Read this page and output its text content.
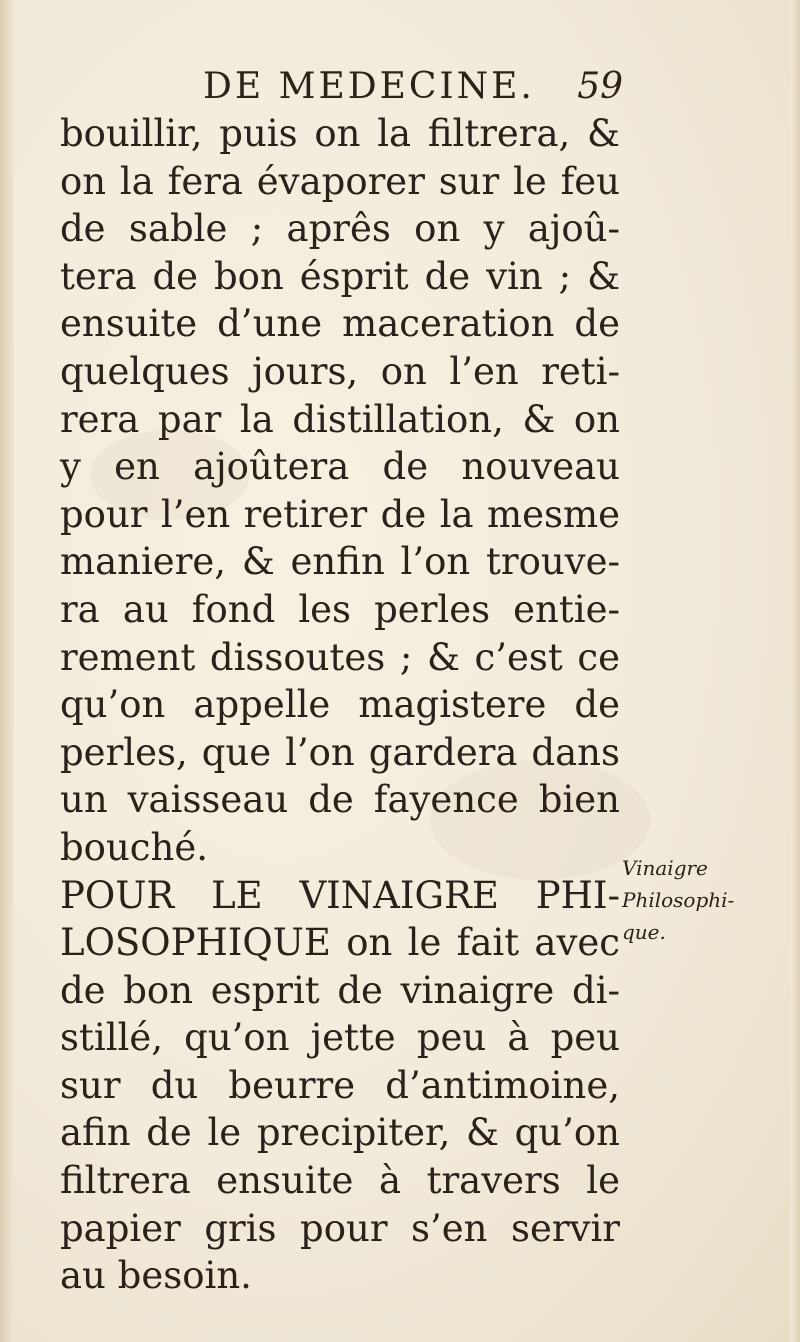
DE MEDECINE. 59
bouillir, puis on la filtrera, &
on la fera évaporer sur le feu
de sable ; aprês on y ajoû-
tera de bon ésprit de vin ; &
ensuite d’une maceration de
quelques jours, on l’en reti-
rera par la distillation, & on
y en ajoûtera de nouveau
pour l’en retirer de la mesme
maniere, & enfin l’on trouve-
ra au fond les perles entie-
rement dissoutes ; & c’est ce
qu’on appelle magistere de
perles, que l’on gardera dans
un vaisseau de fayence bien
bouché.
POUR LE VINAIGRE PHI-
LOSOPHIQUE on le fait avec
de bon esprit de vinaigre di-
stillé, qu’on jette peu à peu
sur du beurre d’antimoine,
afin de le precipiter, & qu’on
filtrera ensuite à travers le
papier gris pour s’en servir
au besoin.
Vinaigre
Philosophi-
que.
